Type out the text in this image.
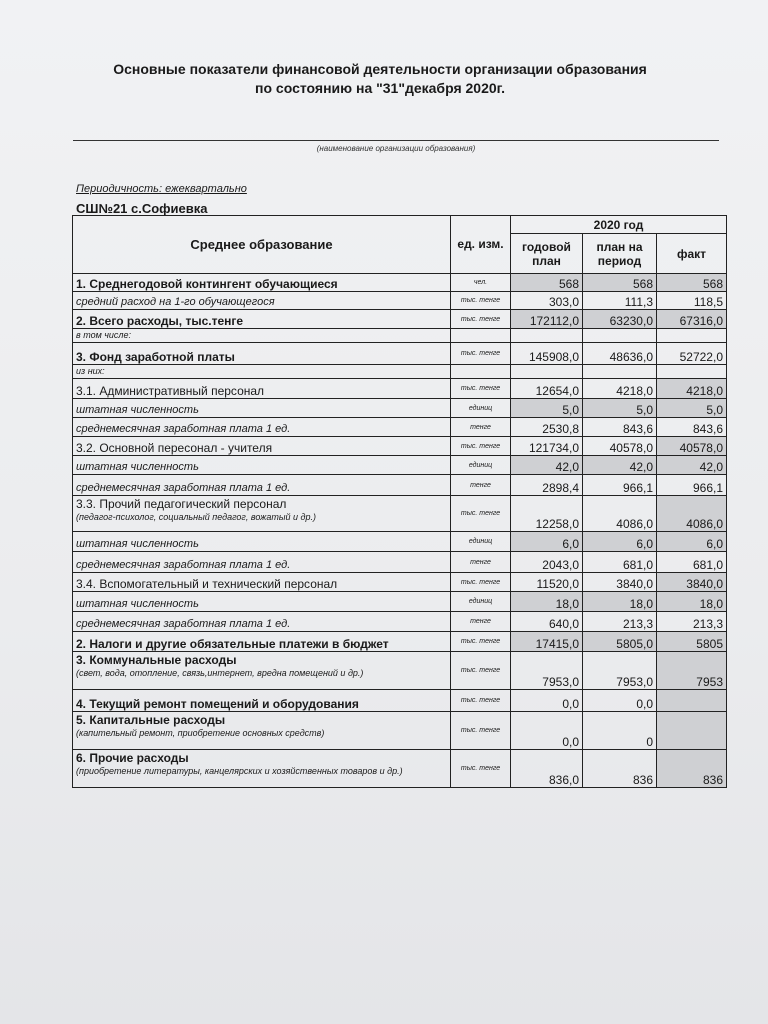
Основные показатели финансовой деятельности организации образования
по состоянию на "31"декабря 2020г.
(наименование организации образования)
Периодичность: ежеквартально
СШ№21 с.Софиевка
Среднее образование	ед. изм.	2020 год		
		годовой план	план на период	факт
1. Среднегодовой контингент обучающиеся	чел.	568	568	568
средний расход на 1-го обучающегося	тыс. тенге	303,0	111,3	118,5
2. Всего расходы, тыс.тенге	тыс. тенге	172112,0	63230,0	67316,0
в том числе:				
3. Фонд заработной платы	тыс. тенге	145908,0	48636,0	52722,0
из них:				
3.1. Административный персонал	тыс. тенге	12654,0	4218,0	4218,0
штатная численность	единиц	5,0	5,0	5,0
среднемесячная заработная плата 1 ед.	тенге	2530,8	843,6	843,6
3.2. Основной пересонал - учителя	тыс. тенге	121734,0	40578,0	40578,0
штатная численность	единиц	42,0	42,0	42,0
среднемесячная заработная плата 1 ед.	тенге	2898,4	966,1	966,1
3.3. Прочий педагогический персонал
(педагог-психолог, социальный педагог, вожатый и др.)	тыс. тенге	12258,0	4086,0	4086,0
штатная численность	единиц	6,0	6,0	6,0
среднемесячная заработная плата 1 ед.	тенге	2043,0	681,0	681,0
3.4. Вспомогательный и технический персонал	тыс. тенге	11520,0	3840,0	3840,0
штатная численность	единиц	18,0	18,0	18,0
среднемесячная заработная плата 1 ед.	тенге	640,0	213,3	213,3
2. Налоги и другие обязательные платежи в бюджет	тыс. тенге	17415,0	5805,0	5805
3. Коммунальные расходы
(свет, вода, отопление, связь,интернет, вредна помещений и др.)	тыс. тенге	7953,0	7953,0	7953
4. Текущий ремонт помещений и оборудования	тыс. тенге	0,0	0,0	
5. Капитальные расходы
(капительный ремонт, приобретение основных средств)	тыс. тенге	0,0	0	
6. Прочие расходы
(приобретение литературы, канцелярских и хозяйственных товаров и др.)	тыс. тенге	836,0	836	836
